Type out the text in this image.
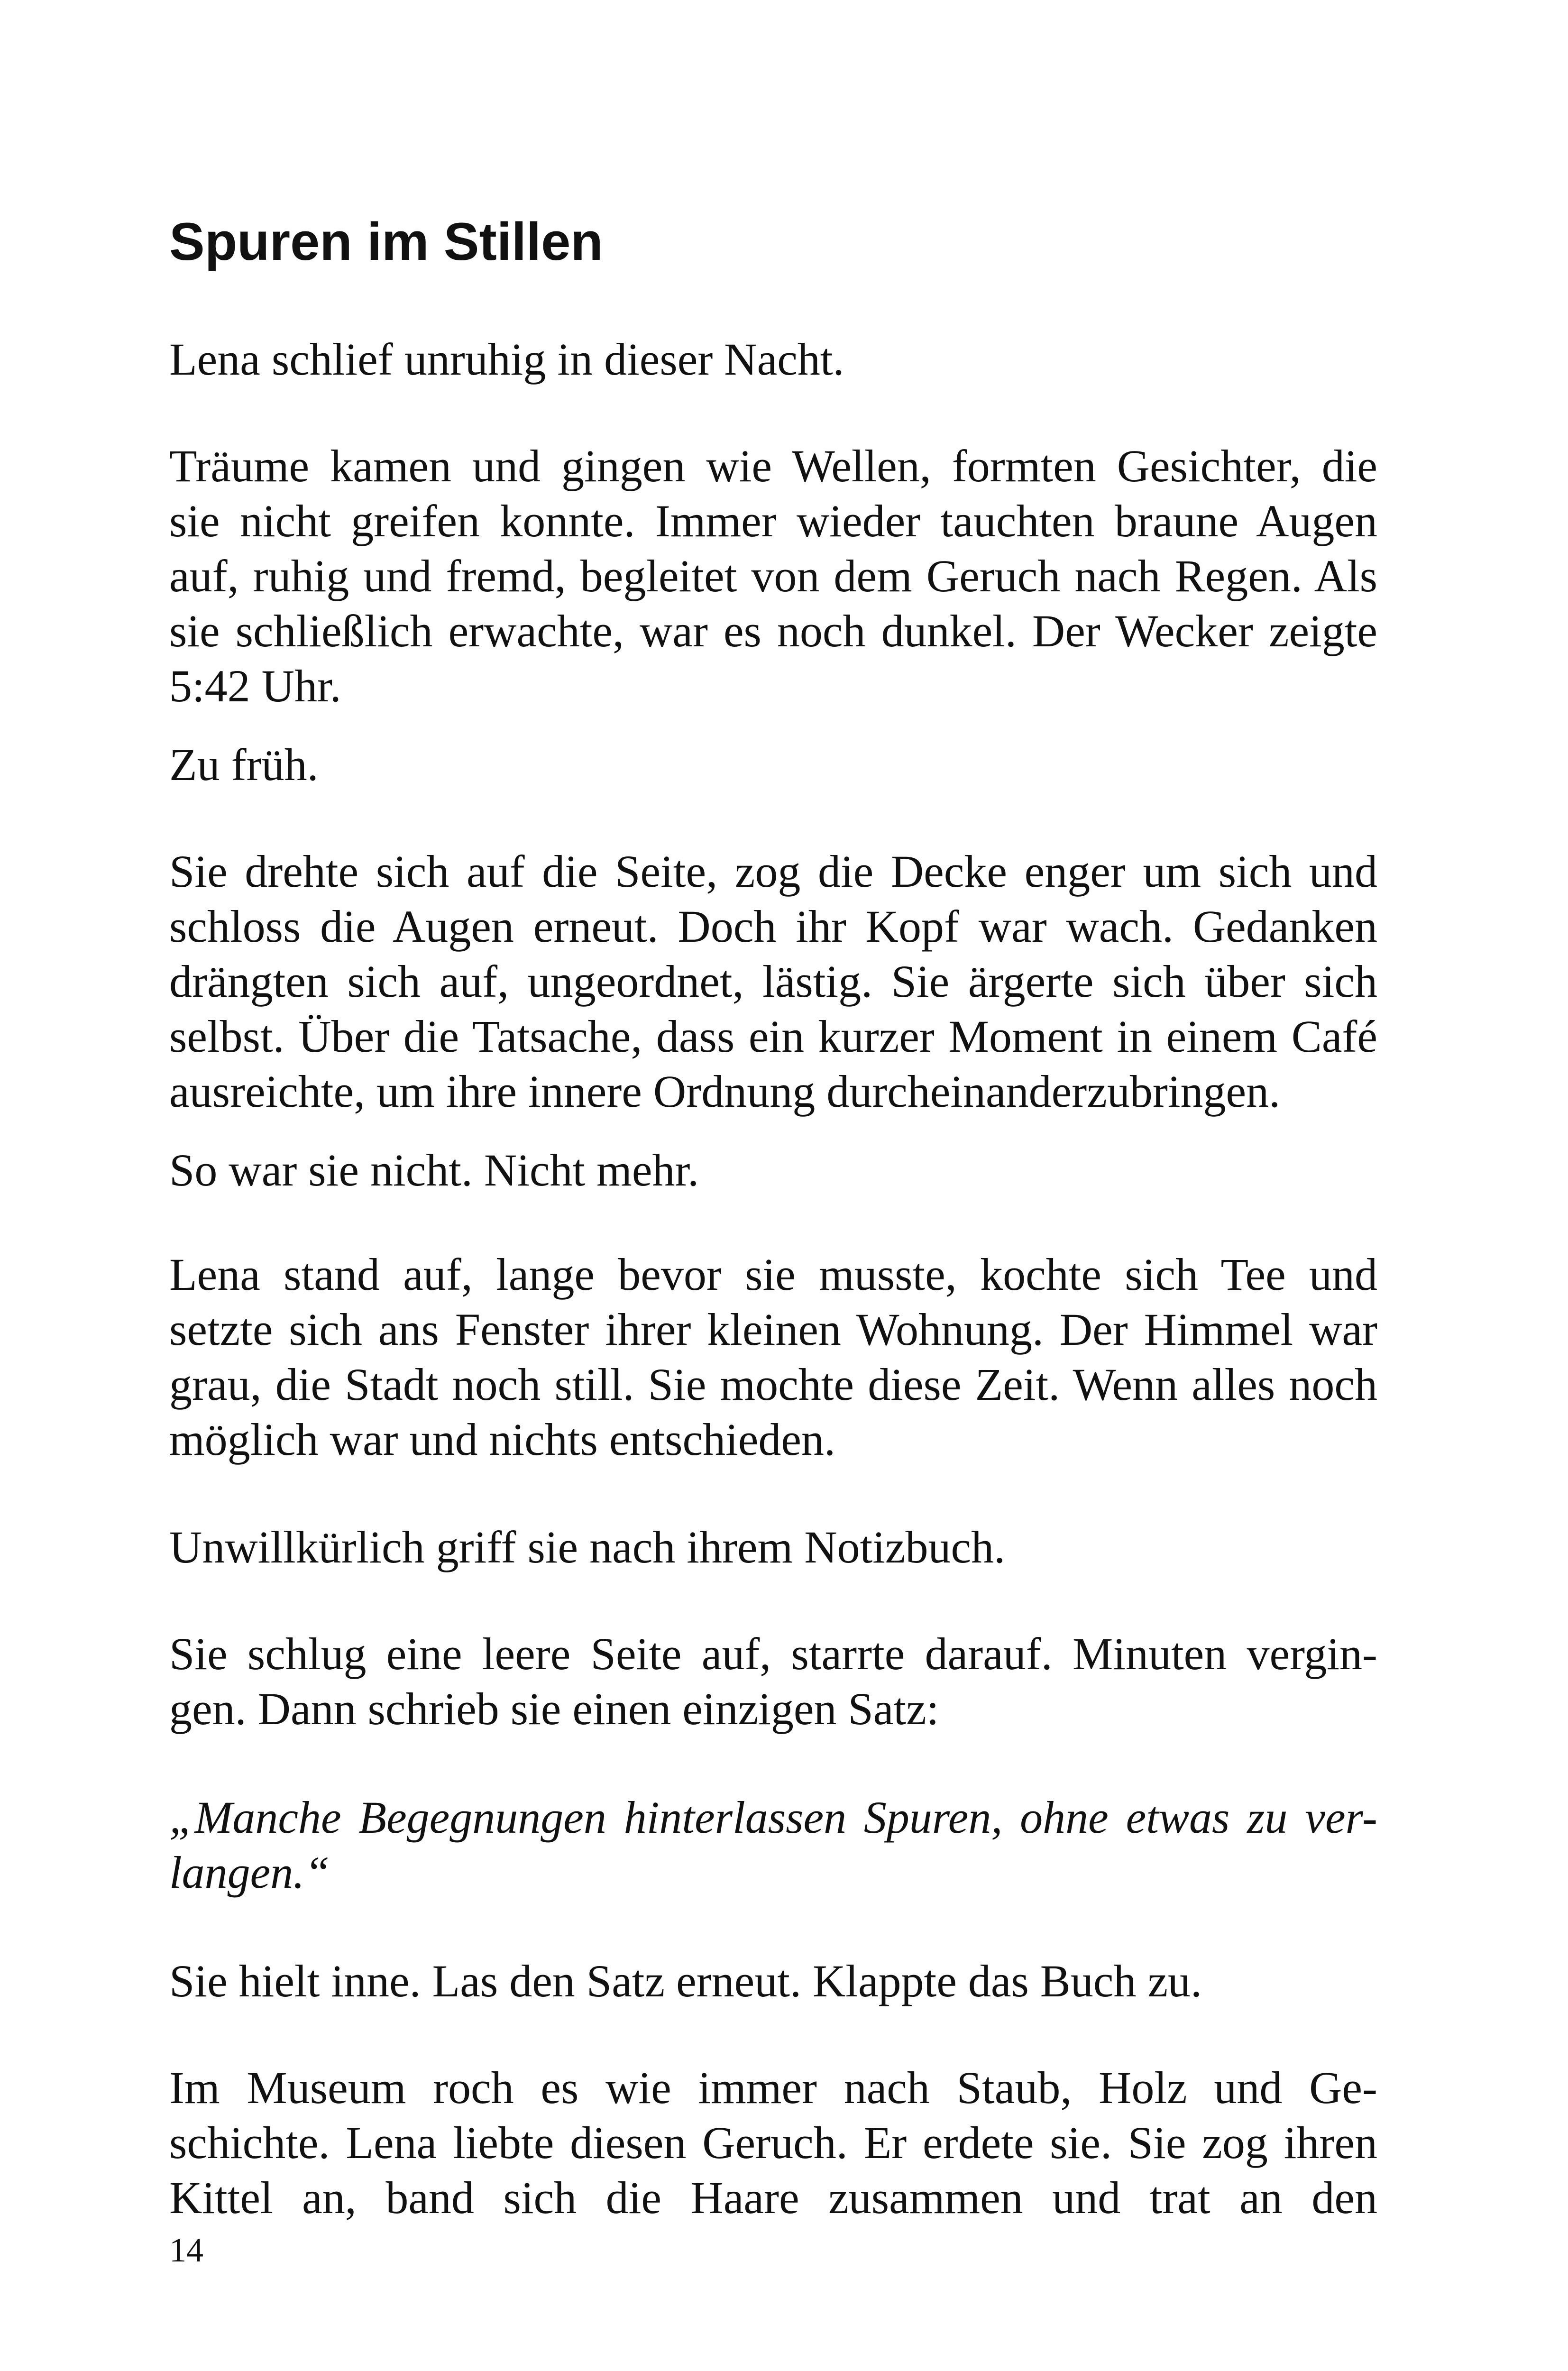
Spuren im Stillen

Lena schlief unruhig in dieser Nacht.

Träume kamen und gingen wie Wellen, formten Gesichter, die
sie nicht greifen konnte. Immer wieder tauchten braune Augen
auf, ruhig und fremd, begleitet von dem Geruch nach Regen. Als
sie schließlich erwachte, war es noch dunkel. Der Wecker zeigte
5:42 Uhr.

Zu früh.

Sie drehte sich auf die Seite, zog die Decke enger um sich und
schloss die Augen erneut. Doch ihr Kopf war wach. Gedanken
drängten sich auf, ungeordnet, lästig. Sie ärgerte sich über sich
selbst. Über die Tatsache, dass ein kurzer Moment in einem Café
ausreichte, um ihre innere Ordnung durcheinanderzubringen.

So war sie nicht. Nicht mehr.

Lena stand auf, lange bevor sie musste, kochte sich Tee und
setzte sich ans Fenster ihrer kleinen Wohnung. Der Himmel war
grau, die Stadt noch still. Sie mochte diese Zeit. Wenn alles noch
möglich war und nichts entschieden.

Unwillkürlich griff sie nach ihrem Notizbuch.

Sie schlug eine leere Seite auf, starrte darauf. Minuten vergin-
gen. Dann schrieb sie einen einzigen Satz:

„Manche Begegnungen hinterlassen Spuren, ohne etwas zu ver-
langen.“

Sie hielt inne. Las den Satz erneut. Klappte das Buch zu.

Im Museum roch es wie immer nach Staub, Holz und Ge-
schichte. Lena liebte diesen Geruch. Er erdete sie. Sie zog ihren
Kittel an, band sich die Haare zusammen und trat an den

14
